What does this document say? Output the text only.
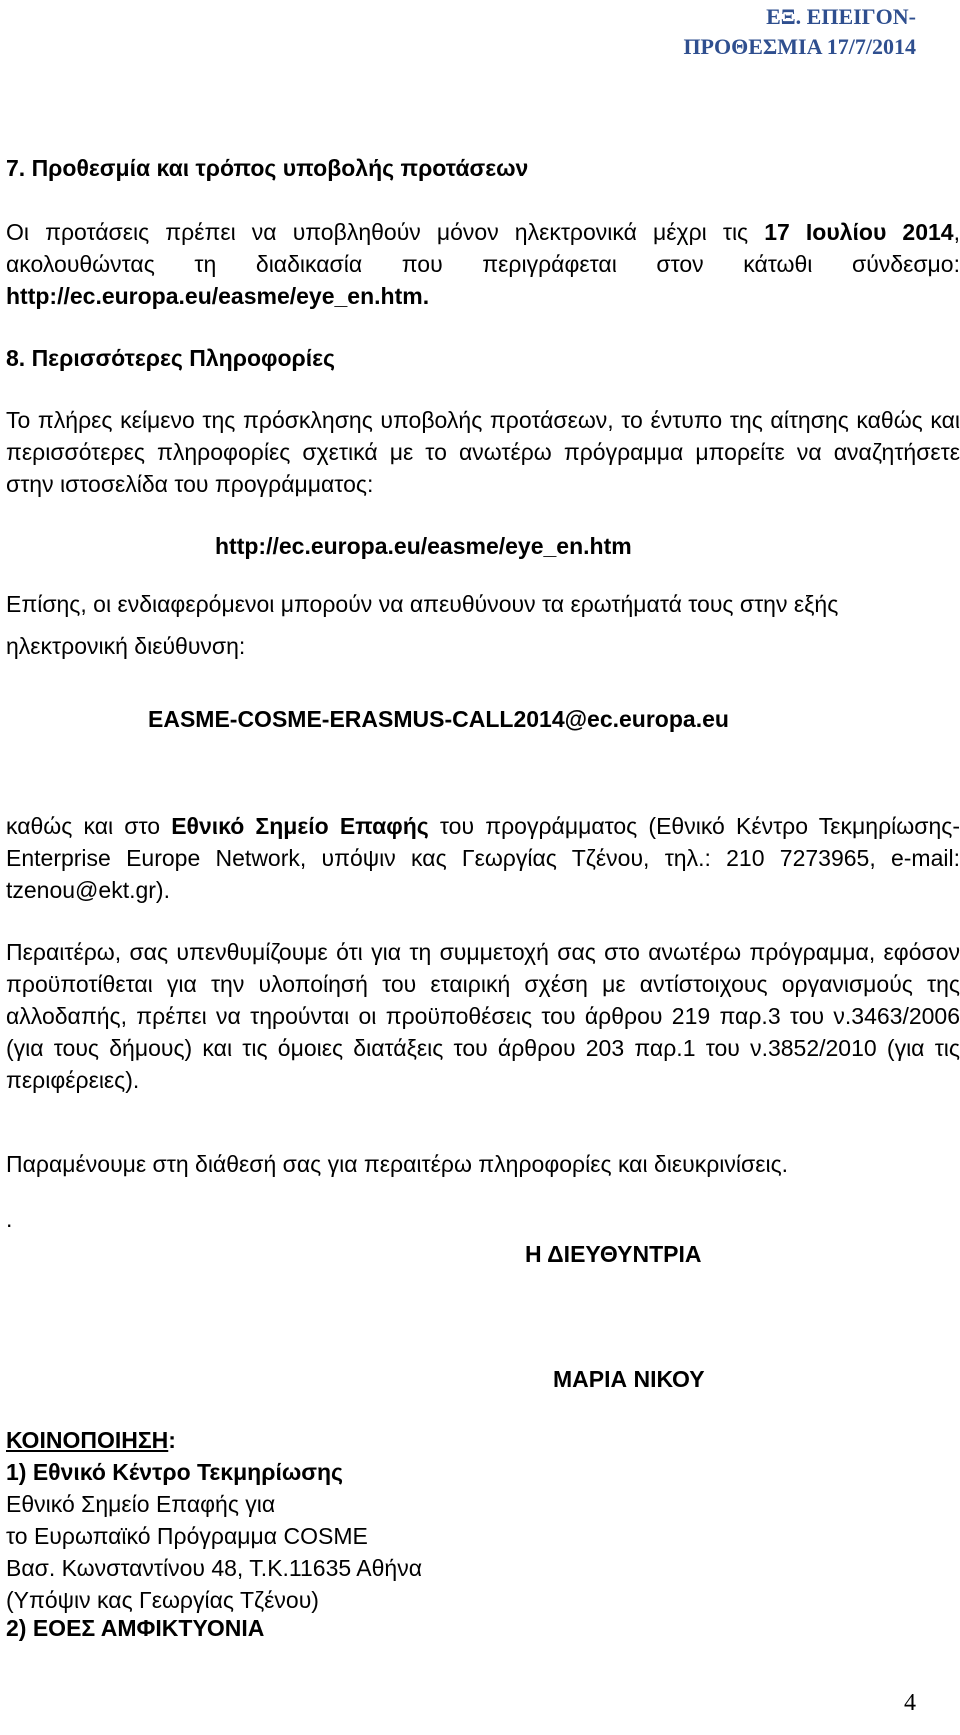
ΕΞ. ΕΠΕΙΓΟΝ-
ΠΡΟΘΕΣΜΙΑ 17/7/2014
7. Προθεσμία και τρόπος υποβολής προτάσεων
Οι προτάσεις πρέπει να υποβληθούν μόνον ηλεκτρονικά μέχρι τις 17 Ιουλίου 2014, ακολουθώντας τη διαδικασία που περιγράφεται στον κάτωθι σύνδεσμο: http://ec.europa.eu/easme/eye_en.htm.
8. Περισσότερες Πληροφορίες
Το πλήρες κείμενο της πρόσκλησης υποβολής προτάσεων, το έντυπο της αίτησης καθώς και περισσότερες πληροφορίες σχετικά με το ανωτέρω πρόγραμμα μπορείτε να αναζητήσετε στην ιστοσελίδα του προγράμματος:
http://ec.europa.eu/easme/eye_en.htm
Επίσης, οι ενδιαφερόμενοι μπορούν να απευθύνουν τα ερωτήματά τους στην εξής
ηλεκτρονική διεύθυνση:
EASME-COSME-ERASMUS-CALL2014@ec.europa.eu
καθώς και στο Εθνικό Σημείο Επαφής του προγράμματος (Εθνικό Κέντρο Τεκμηρίωσης- Enterprise Europe Network, υπόψιν κας Γεωργίας Τζένου, τηλ.: 210 7273965, e-mail: tzenou@ekt.gr).
Περαιτέρω, σας υπενθυμίζουμε ότι για τη συμμετοχή σας στο ανωτέρω πρόγραμμα, εφόσον προϋποτίθεται για την υλοποίησή του εταιρική σχέση με αντίστοιχους οργανισμούς της αλλοδαπής, πρέπει να τηρούνται οι προϋποθέσεις του άρθρου 219 παρ.3 του ν.3463/2006 (για τους δήμους) και τις όμοιες διατάξεις του άρθρου 203 παρ.1 του ν.3852/2010 (για τις περιφέρειες).
Παραμένουμε στη διάθεσή σας για περαιτέρω πληροφορίες και διευκρινίσεις.
.
Η ΔΙΕΥΘΥΝΤΡΙΑ
ΜΑΡΙΑ ΝΙΚΟΥ
ΚΟΙΝΟΠΟΙΗΣΗ:
1) Εθνικό Κέντρο Τεκμηρίωσης
Εθνικό Σημείο Επαφής για
το Ευρωπαϊκό Πρόγραμμα COSME
Βασ. Κωνσταντίνου 48, Τ.Κ.11635 Αθήνα
(Υπόψιν κας Γεωργίας Τζένου)
2) ΕΟΕΣ ΑΜΦΙΚΤΥΟΝΙΑ
4
